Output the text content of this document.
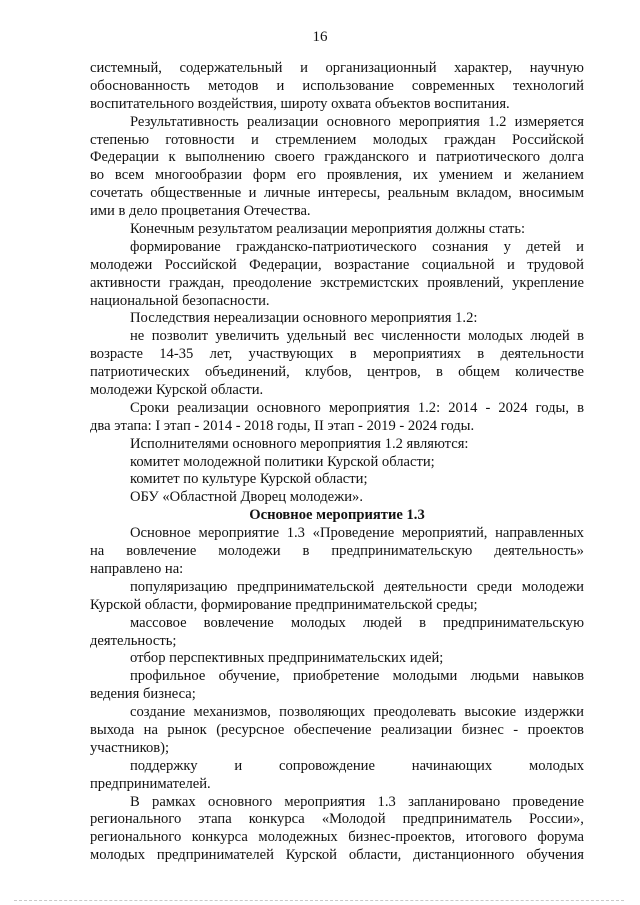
16
системный, содержательный и организационный характер, научную
обоснованность методов и использование современных технологий
воспитательного воздействия, широту охвата объектов воспитания.
Результативность реализации основного мероприятия 1.2 измеряется
степенью готовности и стремлением молодых граждан Российской
Федерации к выполнению своего гражданского и патриотического долга
во всем многообразии форм его проявления, их умением и желанием
сочетать общественные и личные интересы, реальным вкладом, вносимым
ими в дело процветания Отечества.
Конечным результатом реализации мероприятия должны стать:
формирование гражданско-патриотического сознания у детей и
молодежи Российской Федерации, возрастание социальной и трудовой
активности граждан, преодоление экстремистских проявлений, укрепление
национальной безопасности.
Последствия нереализации основного мероприятия 1.2:
не позволит увеличить удельный вес численности молодых людей в
возрасте 14-35 лет, участвующих в мероприятиях в деятельности
патриотических объединений, клубов, центров, в общем количестве
молодежи Курской области.
Сроки реализации основного мероприятия 1.2: 2014 - 2024 годы, в
два этапа: I этап - 2014 - 2018 годы, II этап - 2019 - 2024 годы.
Исполнителями основного мероприятия 1.2 являются:
комитет молодежной политики Курской области;
комитет по культуре Курской области;
ОБУ «Областной Дворец молодежи».
Основное мероприятие 1.3
Основное мероприятие 1.3 «Проведение мероприятий, направленных
на вовлечение молодежи в предпринимательскую деятельность»
направлено на:
популяризацию предпринимательской деятельности среди молодежи
Курской области, формирование предпринимательской среды;
массовое вовлечение молодых людей в предпринимательскую
деятельность;
отбор перспективных предпринимательских идей;
профильное обучение, приобретение молодыми людьми навыков
ведения бизнеса;
создание механизмов, позволяющих преодолевать высокие издержки
выхода на рынок (ресурсное обеспечение реализации бизнес - проектов
участников);
поддержку	и	сопровождение	начинающих	молодых
предпринимателей.
В рамках основного мероприятия 1.3 запланировано проведение
регионального этапа конкурса «Молодой предприниматель России»,
регионального конкурса молодежных бизнес-проектов, итогового форума
молодых предпринимателей Курской области, дистанционного обучения
